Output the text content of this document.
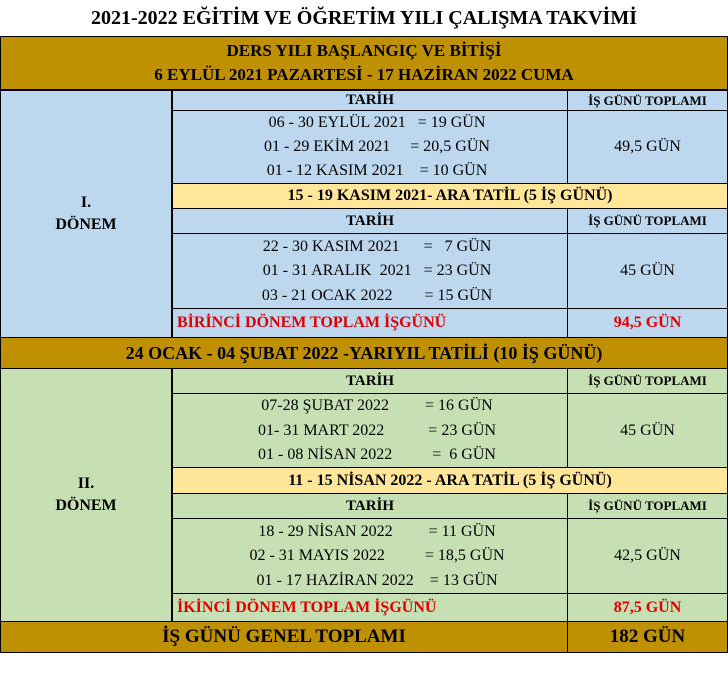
2021-2022 EĞİTİM VE ÖĞRETİM YILI ÇALIŞMA TAKVİMİ
DERS YILI BAŞLANGIÇ VE BİTİŞİ
6 EYLÜL 2021 PAZARTESİ - 17 HAZİRAN 2022 CUMA
I.
DÖNEM
TARİH	İŞ GÜNÜ TOPLAMI
06 - 30 EYLÜL 2021   = 19 GÜN
01 - 29 EKİM 2021     = 20,5 GÜN
01 - 12 KASIM 2021    = 10 GÜN
49,5 GÜN
15 - 19 KASIM 2021- ARA TATİL (5 İŞ GÜNÜ)
TARİH	İŞ GÜNÜ TOPLAMI
22 - 30 KASIM 2021      =   7 GÜN
01 - 31 ARALIK  2021   = 23 GÜN
03 - 21 OCAK 2022        = 15 GÜN
45 GÜN
BİRİNCİ DÖNEM TOPLAM İŞGÜNÜ	94,5 GÜN
24 OCAK - 04 ŞUBAT 2022 -YARIYIL TATİLİ (10 İŞ GÜNÜ)
II.
DÖNEM
TARİH	İŞ GÜNÜ TOPLAMI
07-28 ŞUBAT 2022         = 16 GÜN
01- 31 MART 2022           = 23 GÜN
01 - 08 NİSAN 2022          =  6 GÜN
45 GÜN
11 - 15 NİSAN 2022 - ARA TATİL (5 İŞ GÜNÜ)
TARİH	İŞ GÜNÜ TOPLAMI
18 - 29 NİSAN 2022         = 11 GÜN
02 - 31 MAYIS 2022          = 18,5 GÜN
01 - 17 HAZİRAN 2022    = 13 GÜN
42,5 GÜN
İKİNCİ DÖNEM TOPLAM İŞGÜNÜ	87,5 GÜN
İŞ GÜNÜ GENEL TOPLAMI	182 GÜN
